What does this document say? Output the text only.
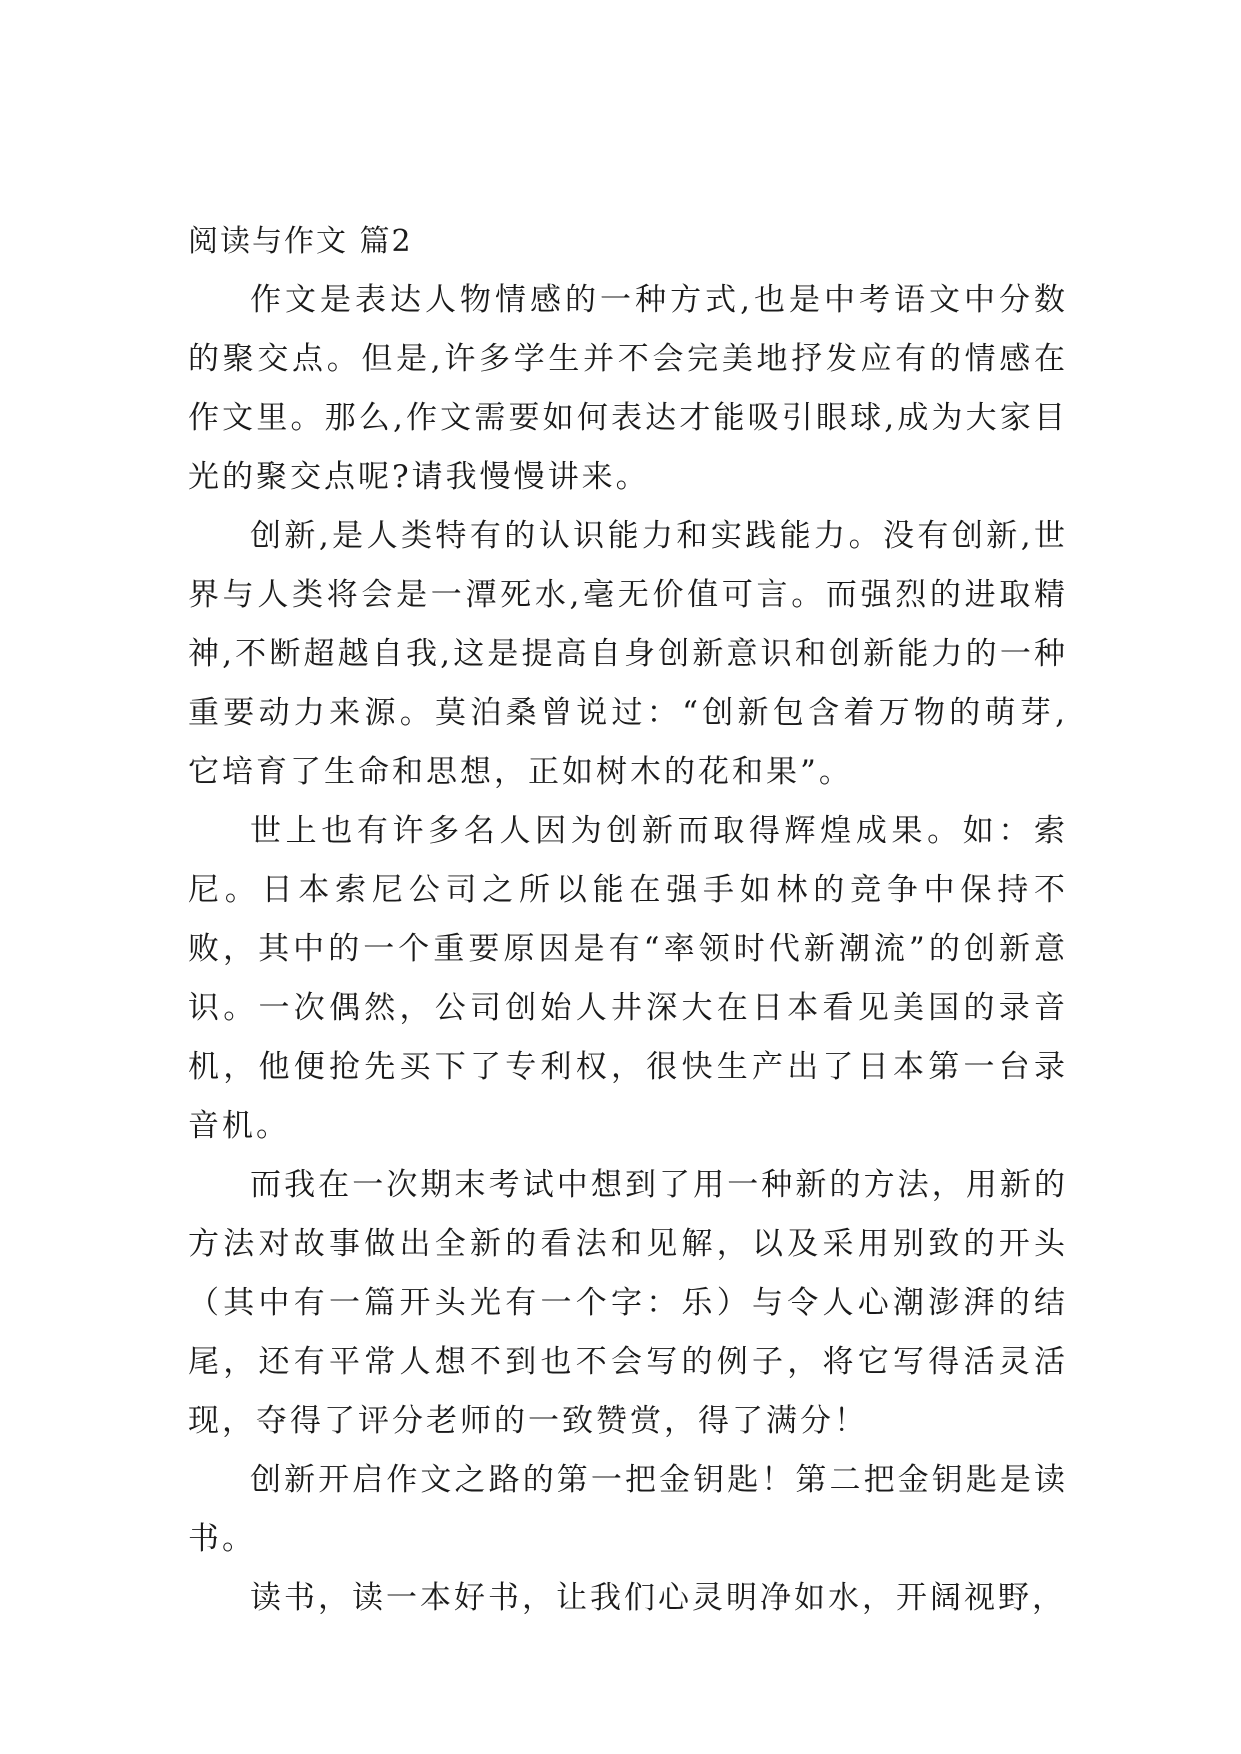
阅读与作文 篇2

作文是表达人物情感的一种方式,也是中考语文中分数的聚交点。但是,许多学生并不会完美地抒发应有的情感在作文里。那么,作文需要如何表达才能吸引眼球,成为大家目光的聚交点呢?请我慢慢讲来。

创新,是人类特有的认识能力和实践能力。没有创新,世界与人类将会是一潭死水,毫无价值可言。而强烈的进取精神,不断超越自我,这是提高自身创新意识和创新能力的一种重要动力来源。莫泊桑曾说过：“创新包含着万物的萌芽,它培育了生命和思想，正如树木的花和果”。

世上也有许多名人因为创新而取得辉煌成果。如：索尼。日本索尼公司之所以能在强手如林的竞争中保持不败，其中的一个重要原因是有“率领时代新潮流”的创新意识。一次偶然，公司创始人井深大在日本看见美国的录音机，他便抢先买下了专利权，很快生产出了日本第一台录音机。

而我在一次期末考试中想到了用一种新的方法，用新的方法对故事做出全新的看法和见解，以及采用别致的开头（其中有一篇开头光有一个字：乐）与令人心潮澎湃的结尾，还有平常人想不到也不会写的例子，将它写得活灵活现，夺得了评分老师的一致赞赏，得了满分！

创新开启作文之路的第一把金钥匙！第二把金钥匙是读书。

读书，读一本好书，让我们心灵明净如水，开阔视野，
